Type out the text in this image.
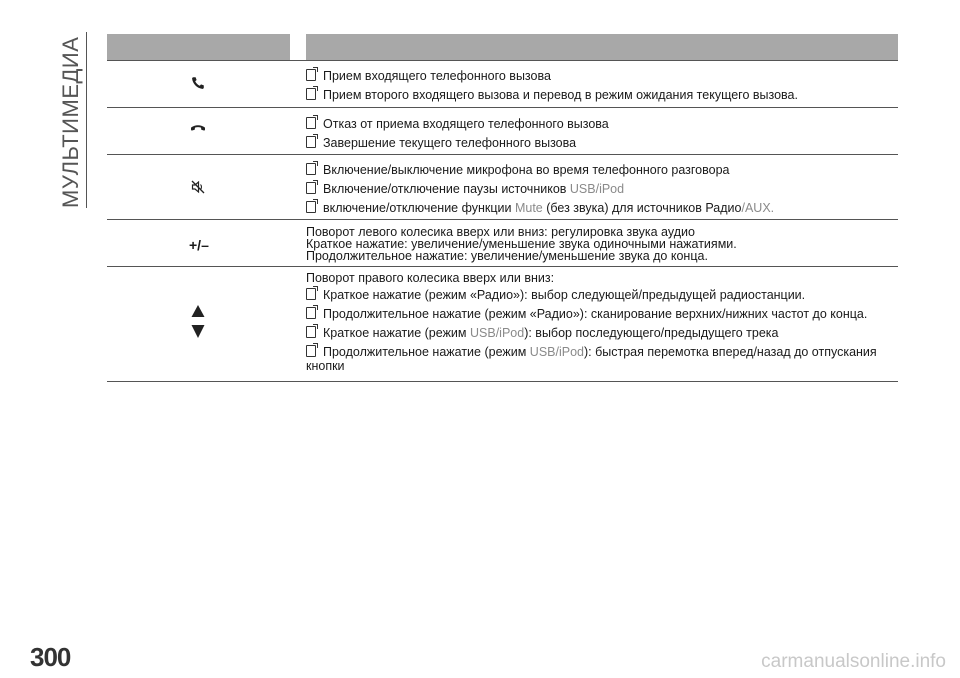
МУЛЬТИМЕДИА	Прием входящего телефонного вызова
Прием второго входящего вызова и перевод в режим ожидания текущего вызова.
Отказ от приема входящего телефонного вызова
Завершение текущего телефонного вызова
Включение/выключение микрофона во время телефонного разговора
Включение/отключение паузы источников USB/iPod
включение/отключение функции Mute (без звука) для источников Радио/AUX.
+/–
Поворот левого колесика вверх или вниз: регулировка звука аудио
Краткое нажатие: увеличение/уменьшение звука одиночными нажатиями.
Продолжительное нажатие: увеличение/уменьшение звука до конца.
Поворот правого колесика вверх или вниз:
Краткое нажатие (режим «Радио»): выбор следующей/предыдущей радиостанции.
Продолжительное нажатие (режим «Радио»): сканирование верхних/нижних частот до конца.
Краткое нажатие (режим USB/iPod): выбор последующего/предыдущего трека
Продолжительное нажатие (режим USB/iPod): быстрая перемотка вперед/назад до отпускания
кнопки
300	carmanualsonline.info
